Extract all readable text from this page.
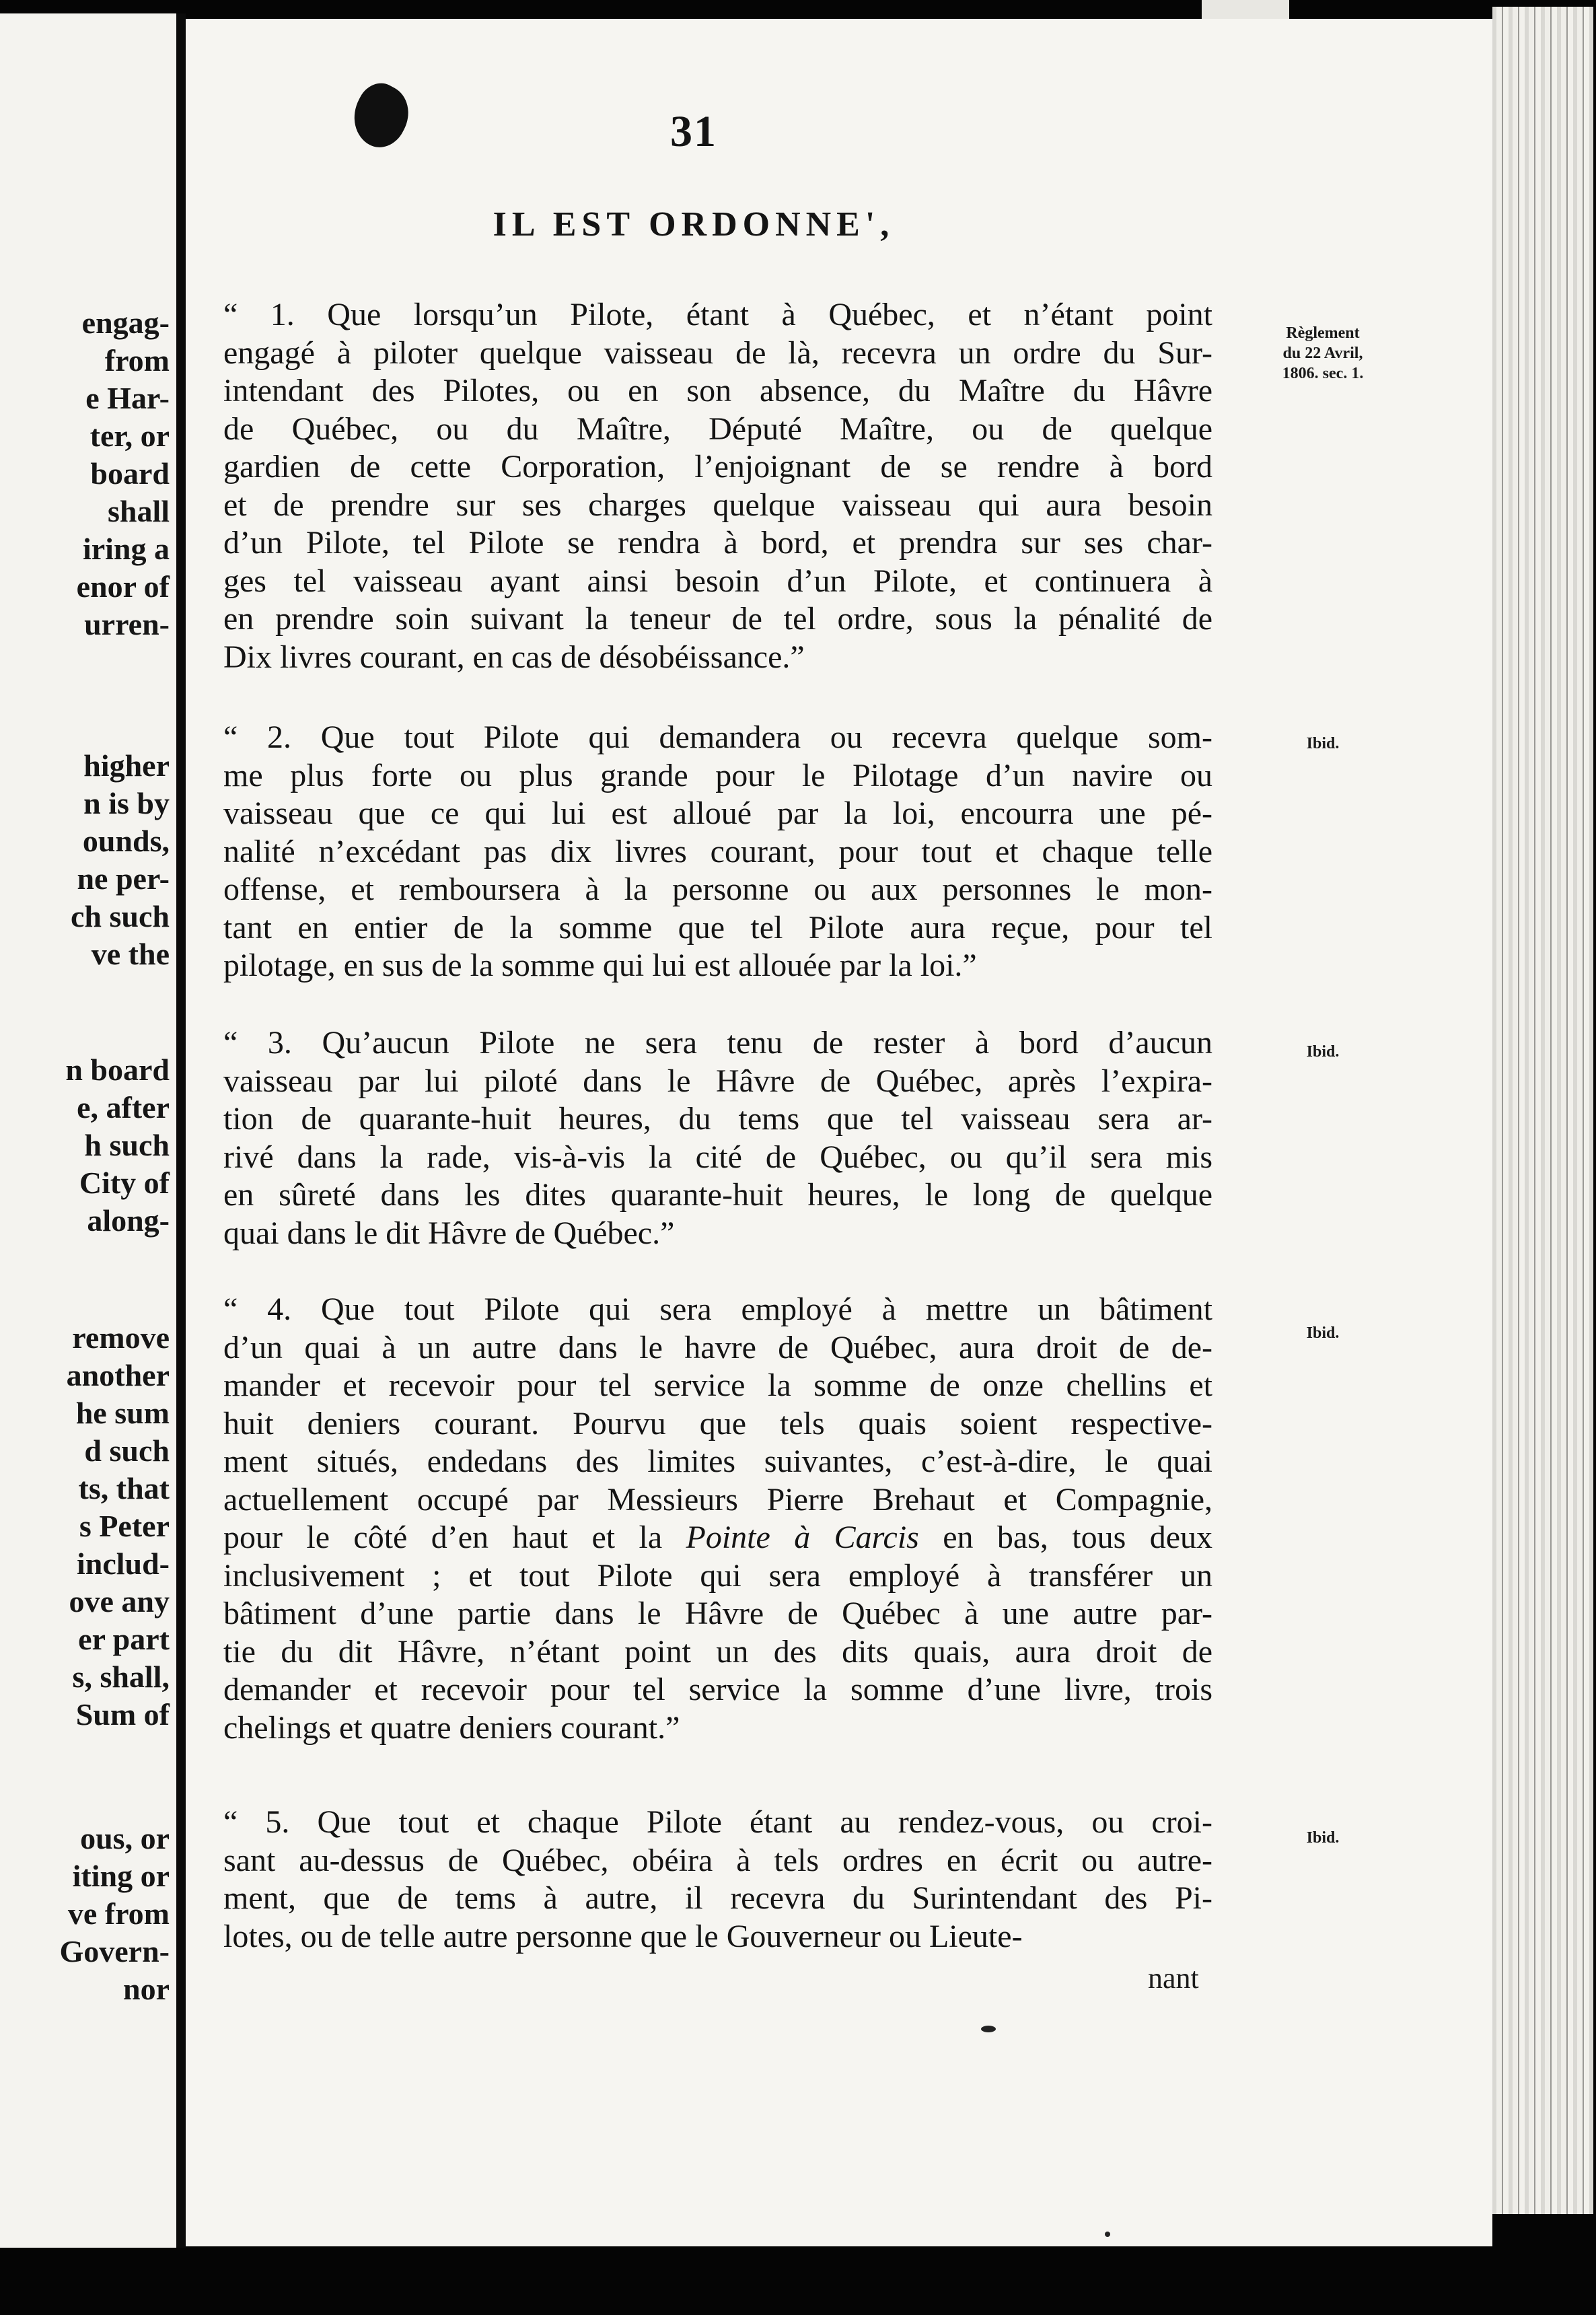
engag-
from
e Har-
ter, or
board
shall
iring a
enor of
urren-
higher
n is by
ounds,
ne per-
ch such
ve the
n board
e, after
h such
City of
along-
remove
another
he sum
d such
ts, that
s Peter
includ-
ove any
er part
s, shall,
Sum of
ous, or
iting or
ve from
Govern-
nor
31
IL EST ORDONNE',
“ 1. Que lorsqu’un Pilote, étant à Québec, et n’étant point
engagé à piloter quelque vaisseau de là, recevra un ordre du Sur-
intendant des Pilotes, ou en son absence, du Maître du Hâvre
de Québec, ou du Maître, Député Maître, ou de quelque
gardien de cette Corporation, l’enjoignant de se rendre à bord
et de prendre sur ses charges quelque vaisseau qui aura besoin
d’un Pilote, tel Pilote se rendra à bord, et prendra sur ses char-
ges tel vaisseau ayant ainsi besoin d’un Pilote, et continuera à
en prendre soin suivant la teneur de tel ordre, sous la pénalité de
Dix livres courant, en cas de désobéissance.”
Règlement
du 22 Avril,
1806. sec. 1.
“ 2. Que tout Pilote qui demandera ou recevra quelque som-
me plus forte ou plus grande pour le Pilotage d’un navire ou
vaisseau que ce qui lui est alloué par la loi, encourra une pé-
nalité n’excédant pas dix livres courant, pour tout et chaque telle
offense, et remboursera à la personne ou aux personnes le mon-
tant en entier de la somme que tel Pilote aura reçue, pour tel
pilotage, en sus de la somme qui lui est allouée par la loi.”
Ibid.
“ 3. Qu’aucun Pilote ne sera tenu de rester à bord d’aucun
vaisseau par lui piloté dans le Hâvre de Québec, après l’expira-
tion de quarante-huit heures, du tems que tel vaisseau sera ar-
rivé dans la rade, vis-à-vis la cité de Québec, ou qu’il sera mis
en sûreté dans les dites quarante-huit heures, le long de quelque
quai dans le dit Hâvre de Québec.”
Ibid.
“ 4. Que tout Pilote qui sera employé à mettre un bâtiment
d’un quai à un autre dans le havre de Québec, aura droit de de-
mander et recevoir pour tel service la somme de onze chellins et
huit deniers courant. Pourvu que tels quais soient respective-
ment situés, endedans des limites suivantes, c’est-à-dire, le quai
actuellement occupé par Messieurs Pierre Brehaut et Compagnie,
pour le côté d’en haut et la Pointe à Carcis en bas, tous deux
inclusivement ; et tout Pilote qui sera employé à transférer un
bâtiment d’une partie dans le Hâvre de Québec à une autre par-
tie du dit Hâvre, n’étant point un des dits quais, aura droit de
demander et recevoir pour tel service la somme d’une livre, trois
chelings et quatre deniers courant.”
Ibid.
“ 5. Que tout et chaque Pilote étant au rendez-vous, ou croi-
sant au-dessus de Québec, obéira à tels ordres en écrit ou autre-
ment, que de tems à autre, il recevra du Surintendant des Pi-
lotes, ou de telle autre personne que le Gouverneur ou Lieute-
Ibid.
nant
